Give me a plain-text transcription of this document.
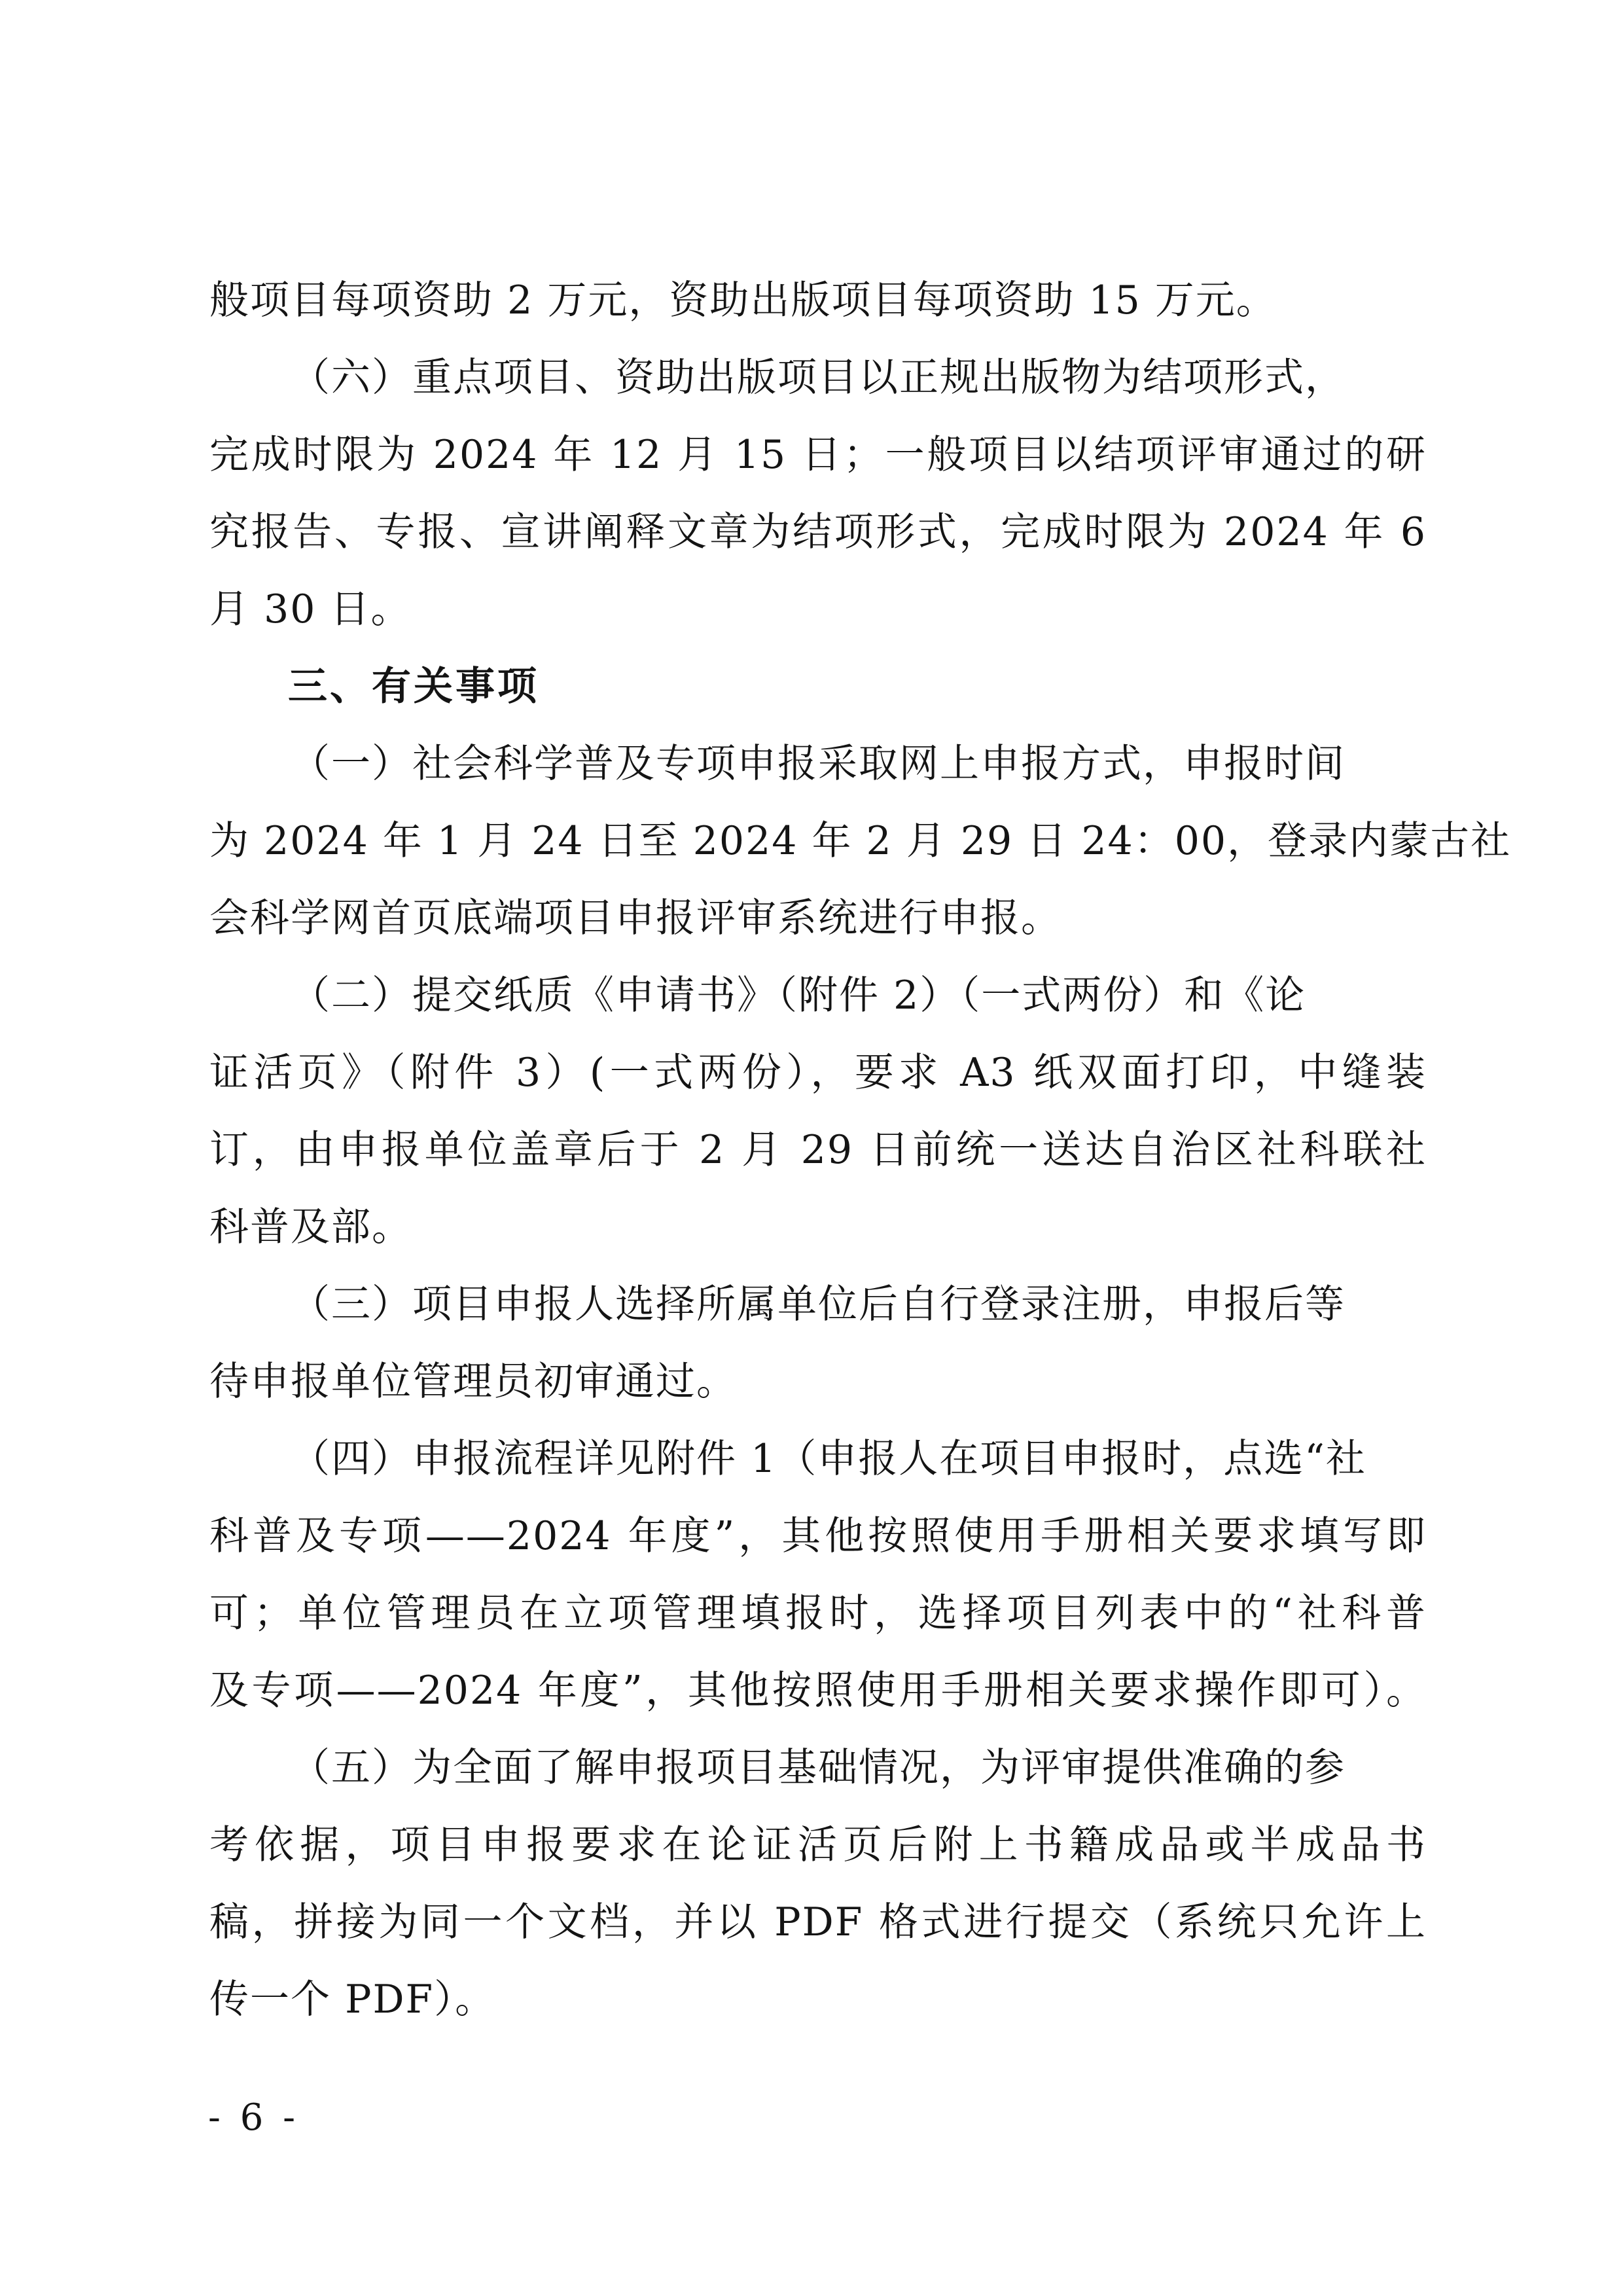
般项目每项资助 2 万元，资助出版项目每项资助 15 万元。
（六）重点项目、资助出版项目以正规出版物为结项形式，
完成时限为 2024 年 12 月 15 日；一般项目以结项评审通过的研
究报告、专报、宣讲阐释文章为结项形式，完成时限为 2024 年 6
月 30 日。
三、有关事项
（一）社会科学普及专项申报采取网上申报方式，申报时间
为 2024 年 1 月 24 日至 2024 年 2 月 29 日 24：00，登录内蒙古社
会科学网首页底端项目申报评审系统进行申报。
（二）提交纸质《申请书》（附件 2）（一式两份）和《论
证活页》（附件 3）(一式两份），要求 A3 纸双面打印，中缝装
订，由申报单位盖章后于 2 月 29 日前统一送达自治区社科联社
科普及部。
（三）项目申报人选择所属单位后自行登录注册，申报后等
待申报单位管理员初审通过。
（四）申报流程详见附件 1（申报人在项目申报时，点选“社
科普及专项——2024 年度”，其他按照使用手册相关要求填写即
可；单位管理员在立项管理填报时，选择项目列表中的“社科普
及专项——2024 年度”，其他按照使用手册相关要求操作即可）。
（五）为全面了解申报项目基础情况，为评审提供准确的参
考依据，项目申报要求在论证活页后附上书籍成品或半成品书
稿，拼接为同一个文档，并以 PDF 格式进行提交（系统只允许上
传一个 PDF）。
- 6 -
